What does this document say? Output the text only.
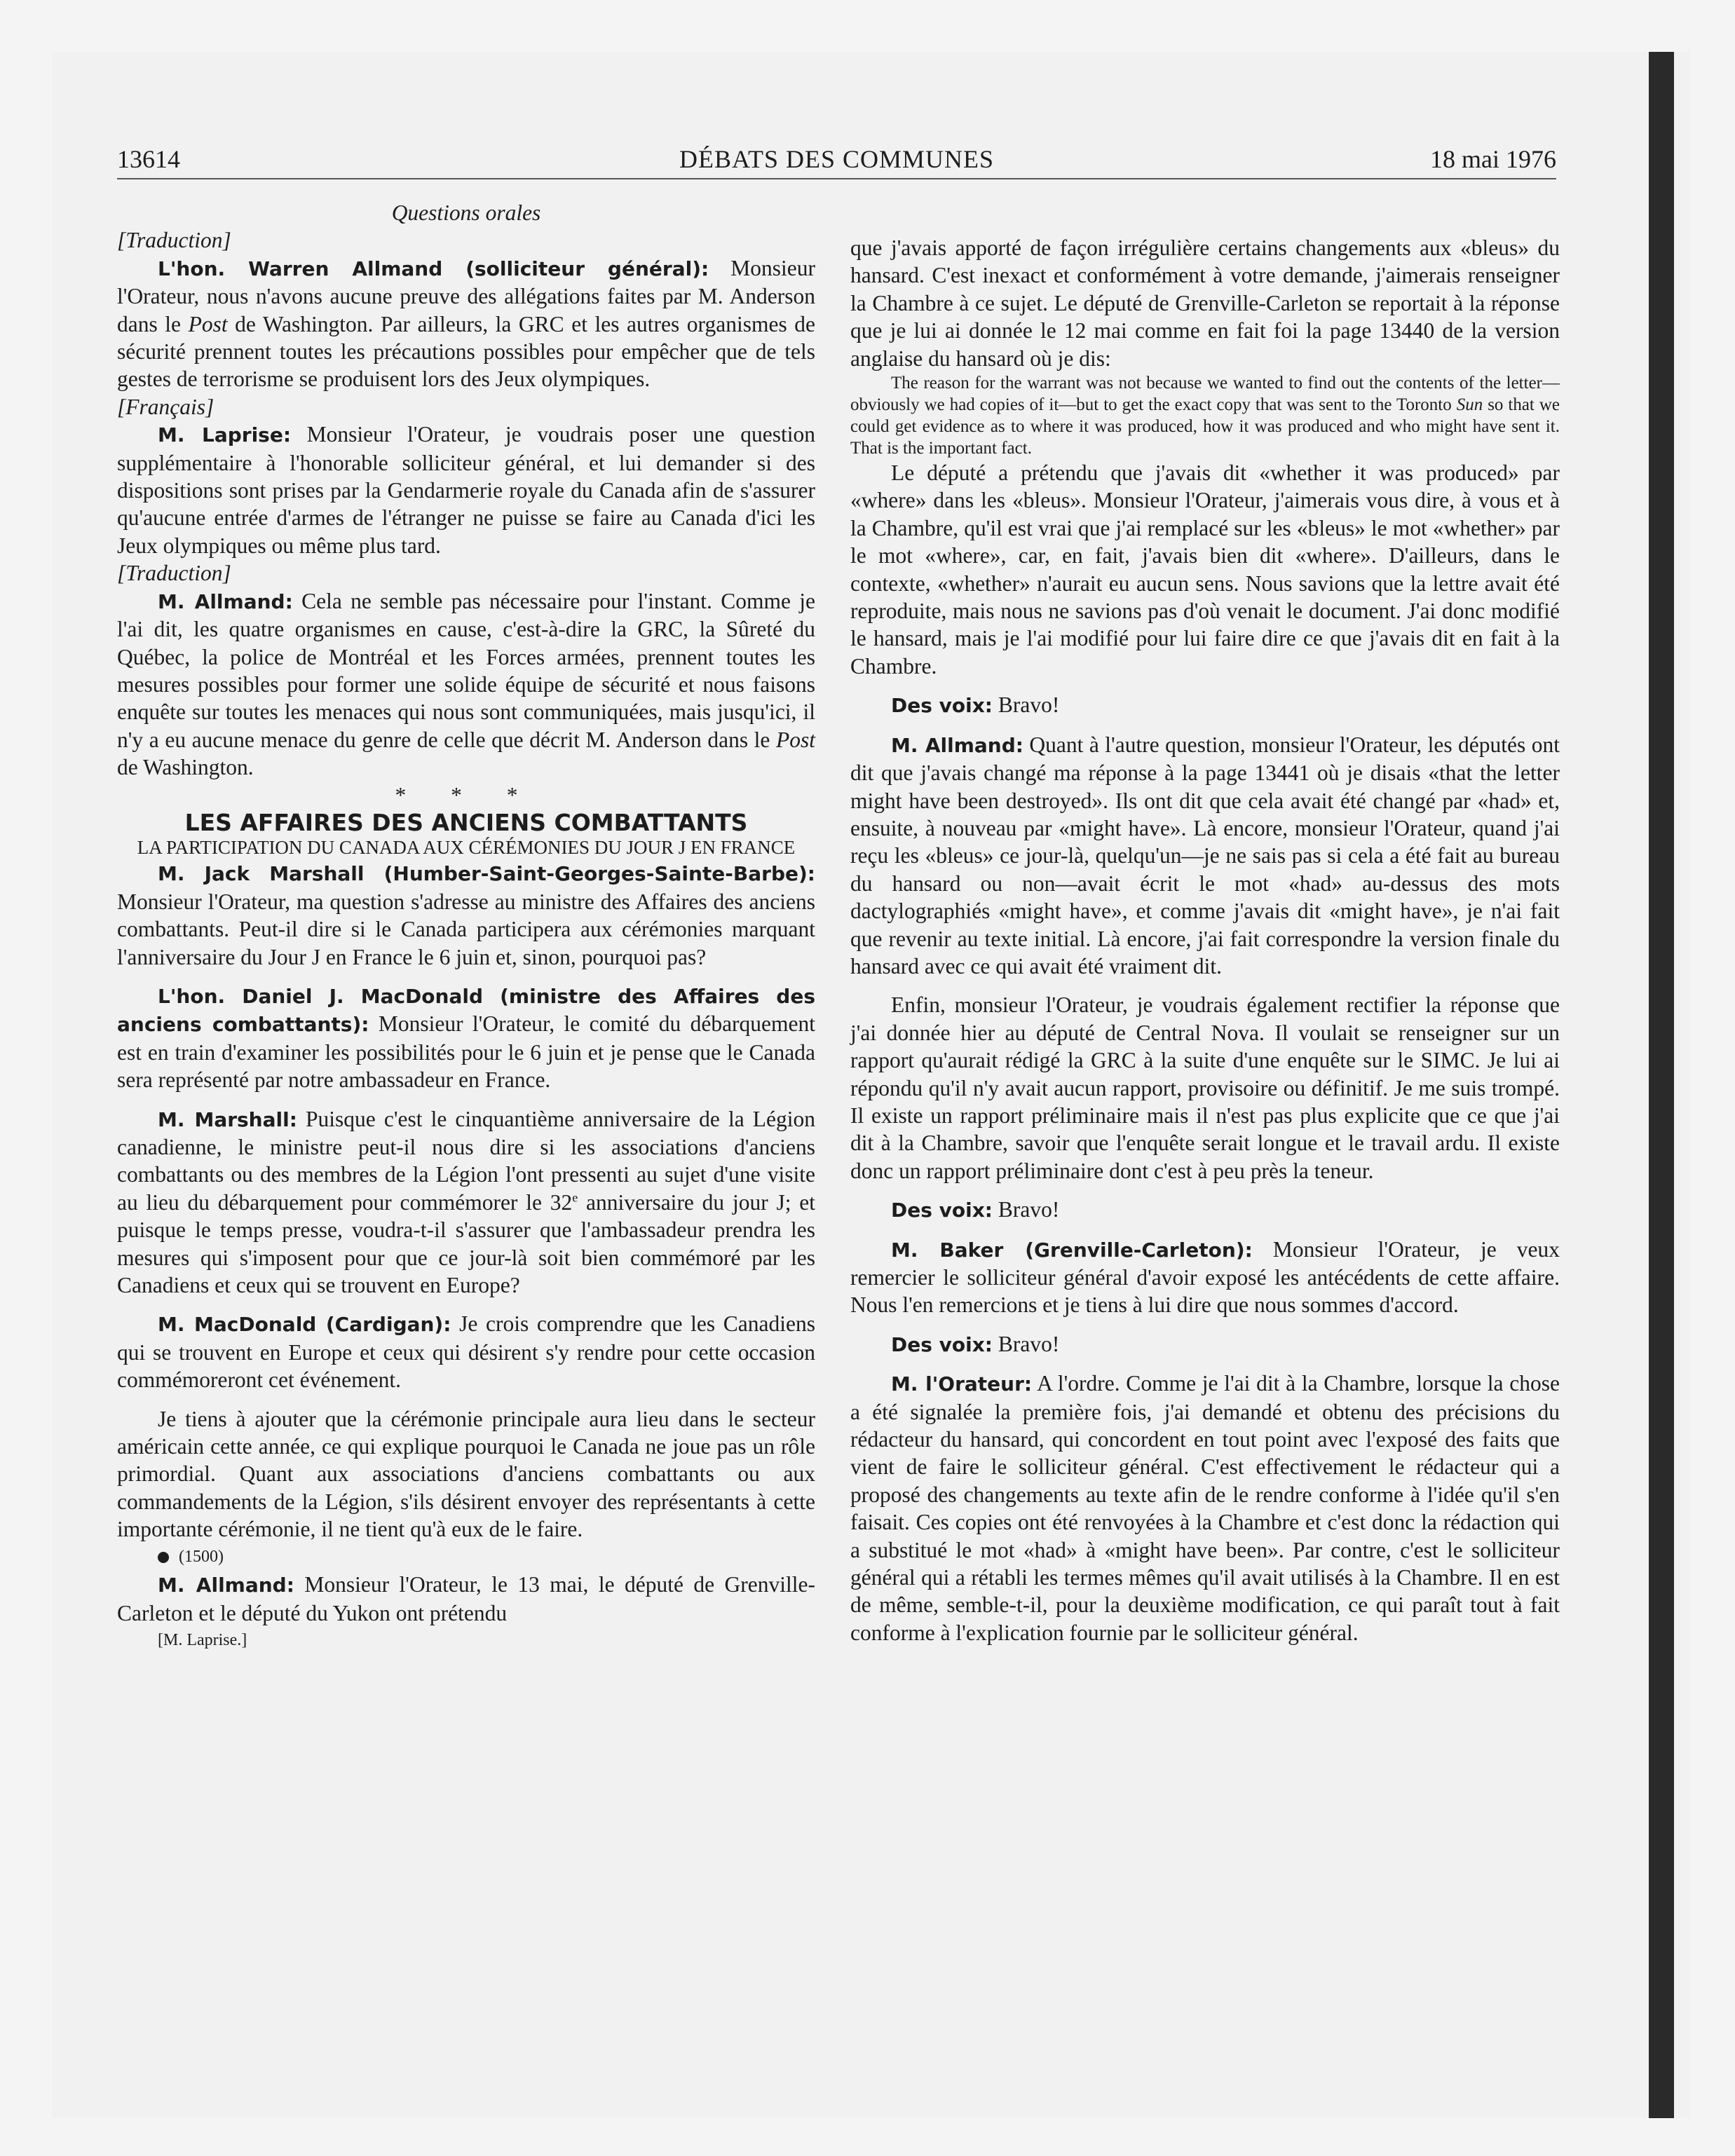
13614	DÉBATS DES COMMUNES	18 mai 1976

Questions orales

[Traduction]

L'hon. Warren Allmand (solliciteur général): Monsieur l'Orateur, nous n'avons aucune preuve des allégations faites par M. Anderson dans le Post de Washington. Par ailleurs, la GRC et les autres organismes de sécurité prennent toutes les précautions possibles pour empêcher que de tels gestes de terrorisme se produisent lors des Jeux olympiques.

[Français]

M. Laprise: Monsieur l'Orateur, je voudrais poser une question supplémentaire à l'honorable solliciteur général, et lui demander si des dispositions sont prises par la Gendarmerie royale du Canada afin de s'assurer qu'aucune entrée d'armes de l'étranger ne puisse se faire au Canada d'ici les Jeux olympiques ou même plus tard.

[Traduction]

M. Allmand: Cela ne semble pas nécessaire pour l'instant. Comme je l'ai dit, les quatre organismes en cause, c'est-à-dire la GRC, la Sûreté du Québec, la police de Montréal et les Forces armées, prennent toutes les mesures possibles pour former une solide équipe de sécurité et nous faisons enquête sur toutes les menaces qui nous sont communiquées, mais jusqu'ici, il n'y a eu aucune menace du genre de celle que décrit M. Anderson dans le Post de Washington.

* * *

LES AFFAIRES DES ANCIENS COMBATTANTS

LA PARTICIPATION DU CANADA AUX CÉRÉMONIES DU JOUR J EN FRANCE

M. Jack Marshall (Humber-Saint-Georges-Sainte-Barbe): Monsieur l'Orateur, ma question s'adresse au ministre des Affaires des anciens combattants. Peut-il dire si le Canada participera aux cérémonies marquant l'anniversaire du Jour J en France le 6 juin et, sinon, pourquoi pas?

L'hon. Daniel J. MacDonald (ministre des Affaires des anciens combattants): Monsieur l'Orateur, le comité du débarquement est en train d'examiner les possibilités pour le 6 juin et je pense que le Canada sera représenté par notre ambassadeur en France.

M. Marshall: Puisque c'est le cinquantième anniversaire de la Légion canadienne, le ministre peut-il nous dire si les associations d'anciens combattants ou des membres de la Légion l'ont pressenti au sujet d'une visite au lieu du débarquement pour commémorer le 32e anniversaire du jour J; et puisque le temps presse, voudra-t-il s'assurer que l'ambassadeur prendra les mesures qui s'imposent pour que ce jour-là soit bien commémoré par les Canadiens et ceux qui se trouvent en Europe?

M. MacDonald (Cardigan): Je crois comprendre que les Canadiens qui se trouvent en Europe et ceux qui désirent s'y rendre pour cette occasion commémoreront cet événement.

Je tiens à ajouter que la cérémonie principale aura lieu dans le secteur américain cette année, ce qui explique pourquoi le Canada ne joue pas un rôle primordial. Quant aux associations d'anciens combattants ou aux commandements de la Légion, s'ils désirent envoyer des représentants à cette importante cérémonie, il ne tient qu'à eux de le faire.

(1500)

M. Allmand: Monsieur l'Orateur, le 13 mai, le député de Grenville-Carleton et le député du Yukon ont prétendu

[M. Laprise.]

que j'avais apporté de façon irrégulière certains changements aux «bleus» du hansard. C'est inexact et conformément à votre demande, j'aimerais renseigner la Chambre à ce sujet. Le député de Grenville-Carleton se reportait à la réponse que je lui ai donnée le 12 mai comme en fait foi la page 13440 de la version anglaise du hansard où je dis:

The reason for the warrant was not because we wanted to find out the contents of the letter—obviously we had copies of it—but to get the exact copy that was sent to the Toronto Sun so that we could get evidence as to where it was produced, how it was produced and who might have sent it. That is the important fact.

Le député a prétendu que j'avais dit «whether it was produced» par «where» dans les «bleus». Monsieur l'Orateur, j'aimerais vous dire, à vous et à la Chambre, qu'il est vrai que j'ai remplacé sur les «bleus» le mot «whether» par le mot «where», car, en fait, j'avais bien dit «where». D'ailleurs, dans le contexte, «whether» n'aurait eu aucun sens. Nous savions que la lettre avait été reproduite, mais nous ne savions pas d'où venait le document. J'ai donc modifié le hansard, mais je l'ai modifié pour lui faire dire ce que j'avais dit en fait à la Chambre.

Des voix: Bravo!

M. Allmand: Quant à l'autre question, monsieur l'Orateur, les députés ont dit que j'avais changé ma réponse à la page 13441 où je disais «that the letter might have been destroyed». Ils ont dit que cela avait été changé par «had» et, ensuite, à nouveau par «might have». Là encore, monsieur l'Orateur, quand j'ai reçu les «bleus» ce jour-là, quelqu'un—je ne sais pas si cela a été fait au bureau du hansard ou non—avait écrit le mot «had» au-dessus des mots dactylographiés «might have», et comme j'avais dit «might have», je n'ai fait que revenir au texte initial. Là encore, j'ai fait correspondre la version finale du hansard avec ce qui avait été vraiment dit.

Enfin, monsieur l'Orateur, je voudrais également rectifier la réponse que j'ai donnée hier au député de Central Nova. Il voulait se renseigner sur un rapport qu'aurait rédigé la GRC à la suite d'une enquête sur le SIMC. Je lui ai répondu qu'il n'y avait aucun rapport, provisoire ou définitif. Je me suis trompé. Il existe un rapport préliminaire mais il n'est pas plus explicite que ce que j'ai dit à la Chambre, savoir que l'enquête serait longue et le travail ardu. Il existe donc un rapport préliminaire dont c'est à peu près la teneur.

Des voix: Bravo!

M. Baker (Grenville-Carleton): Monsieur l'Orateur, je veux remercier le solliciteur général d'avoir exposé les antécédents de cette affaire. Nous l'en remercions et je tiens à lui dire que nous sommes d'accord.

Des voix: Bravo!

M. l'Orateur: A l'ordre. Comme je l'ai dit à la Chambre, lorsque la chose a été signalée la première fois, j'ai demandé et obtenu des précisions du rédacteur du hansard, qui concordent en tout point avec l'exposé des faits que vient de faire le solliciteur général. C'est effectivement le rédacteur qui a proposé des changements au texte afin de le rendre conforme à l'idée qu'il s'en faisait. Ces copies ont été renvoyées à la Chambre et c'est donc la rédaction qui a substitué le mot «had» à «might have been». Par contre, c'est le solliciteur général qui a rétabli les termes mêmes qu'il avait utilisés à la Chambre. Il en est de même, semble-t-il, pour la deuxième modification, ce qui paraît tout à fait conforme à l'explication fournie par le solliciteur général.
